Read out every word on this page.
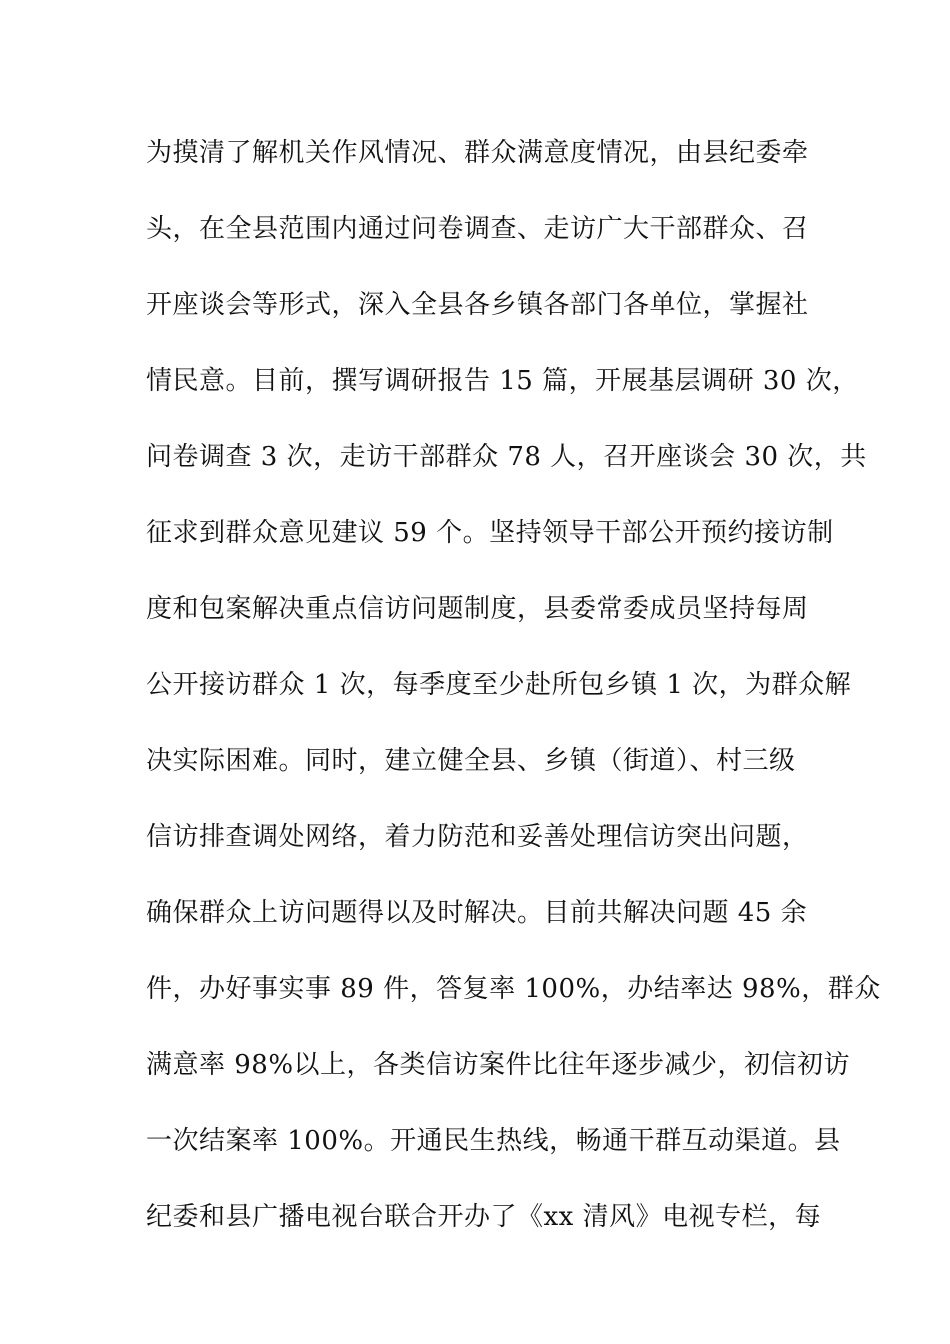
为摸清了解机关作风情况、群众满意度情况，由县纪委牵
头，在全县范围内通过问卷调查、走访广大干部群众、召
开座谈会等形式，深入全县各乡镇各部门各单位，掌握社
情民意。目前，撰写调研报告 15 篇，开展基层调研 30 次，
问卷调查 3 次，走访干部群众 78 人，召开座谈会 30 次，共
征求到群众意见建议 59 个。坚持领导干部公开预约接访制
度和包案解决重点信访问题制度，县委常委成员坚持每周
公开接访群众 1 次，每季度至少赴所包乡镇 1 次，为群众解
决实际困难。同时，建立健全县、乡镇（街道）、村三级
信访排查调处网络，着力防范和妥善处理信访突出问题，
确保群众上访问题得以及时解决。目前共解决问题 45 余
件，办好事实事 89 件，答复率 100%，办结率达 98%，群众
满意率 98%以上，各类信访案件比往年逐步减少，初信初访
一次结案率 100%。开通民生热线，畅通干群互动渠道。县
纪委和县广播电视台联合开办了《xx 清风》电视专栏，每
